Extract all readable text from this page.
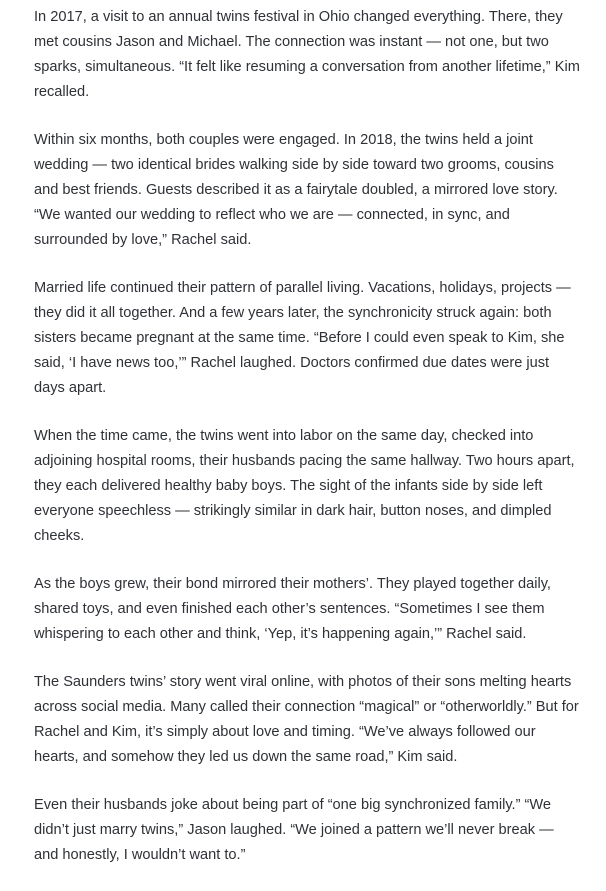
In 2017, a visit to an annual twins festival in Ohio changed everything. There, they met cousins Jason and Michael. The connection was instant — not one, but two sparks, simultaneous. “It felt like resuming a conversation from another lifetime,” Kim recalled.

Within six months, both couples were engaged. In 2018, the twins held a joint wedding — two identical brides walking side by side toward two grooms, cousins and best friends. Guests described it as a fairytale doubled, a mirrored love story. “We wanted our wedding to reflect who we are — connected, in sync, and surrounded by love,” Rachel said.

Married life continued their pattern of parallel living. Vacations, holidays, projects — they did it all together. And a few years later, the synchronicity struck again: both sisters became pregnant at the same time. “Before I could even speak to Kim, she said, ‘I have news too,’” Rachel laughed. Doctors confirmed due dates were just days apart.

When the time came, the twins went into labor on the same day, checked into adjoining hospital rooms, their husbands pacing the same hallway. Two hours apart, they each delivered healthy baby boys. The sight of the infants side by side left everyone speechless — strikingly similar in dark hair, button noses, and dimpled cheeks.

As the boys grew, their bond mirrored their mothers’. They played together daily, shared toys, and even finished each other’s sentences. “Sometimes I see them whispering to each other and think, ‘Yep, it’s happening again,’” Rachel said.

The Saunders twins’ story went viral online, with photos of their sons melting hearts across social media. Many called their connection “magical” or “otherworldly.” But for Rachel and Kim, it’s simply about love and timing. “We’ve always followed our hearts, and somehow they led us down the same road,” Kim said.

Even their husbands joke about being part of “one big synchronized family.” “We didn’t just marry twins,” Jason laughed. “We joined a pattern we’ll never break — and honestly, I wouldn’t want to.”
